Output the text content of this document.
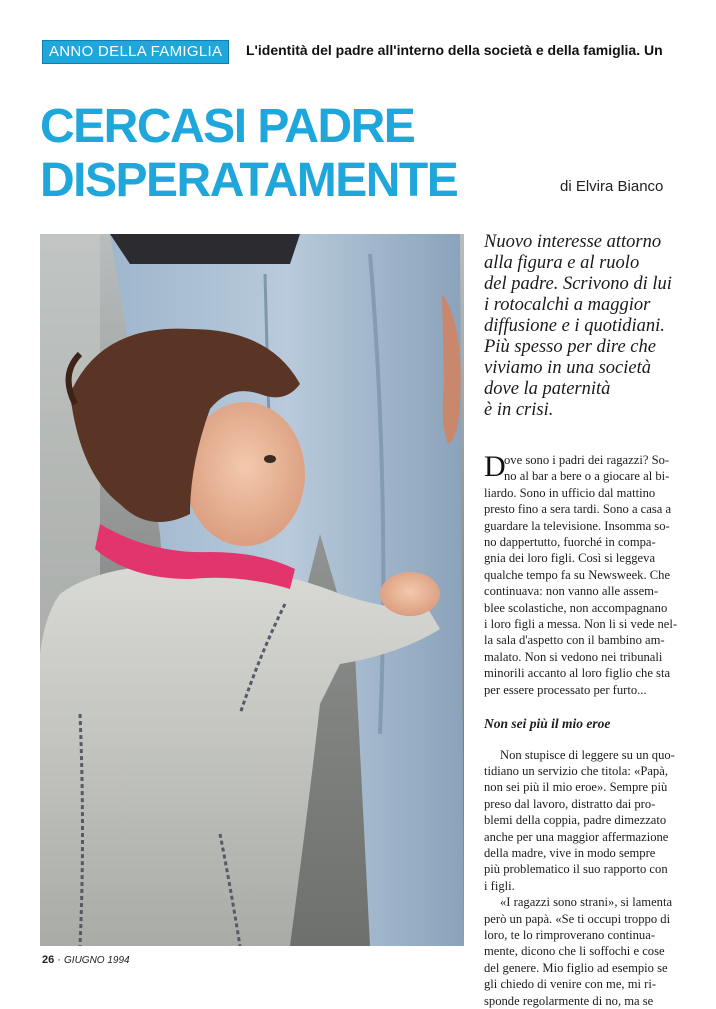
ANNO DELLA FAMIGLIA	L'identità del padre all'interno della società e della famiglia. Un
CERCASI PADRE
DISPERATAMENTE	di Elvira Bianco
Nuovo interesse attorno
alla figura e al ruolo
del padre. Scrivono di lui
i rotocalchi a maggior
diffusione e i quotidiani.
Più spesso per dire che
viviamo in una società
dove la paternità
è in crisi.
D
ove sono i padri dei ragazzi? So-
no al bar a bere o a giocare al bi-
liardo. Sono in ufficio dal mattino
presto fino a sera tardi. Sono a casa a
guardare la televisione. Insomma so-
no dappertutto, fuorché in compa-
gnia dei loro figli. Così si leggeva
qualche tempo fa su Newsweek. Che
continuava: non vanno alle assem-
blee scolastiche, non accompagnano
i loro figli a messa. Non li si vede nel-
la sala d'aspetto con il bambino am-
malato. Non si vedono nei tribunali
minorili accanto al loro figlio che sta
per essere processato per furto...
Non sei più il mio eroe
Non stupisce di leggere su un quo-
tidiano un servizio che titola: «Papà,
non sei più il mio eroe». Sempre più
preso dal lavoro, distratto dai pro-
blemi della coppia, padre dimezzato
anche per una maggior affermazione
della madre, vive in modo sempre
più problematico il suo rapporto con
i figli.
«I ragazzi sono strani», si lamenta
però un papà. «Se ti occupi troppo di
loro, te lo rimproverano continua-
mente, dicono che li soffochi e cose
del genere. Mio figlio ad esempio se
gli chiedo di venire con me, mi ri-
sponde regolarmente di no, ma se
26 · GIUGNO 1994
